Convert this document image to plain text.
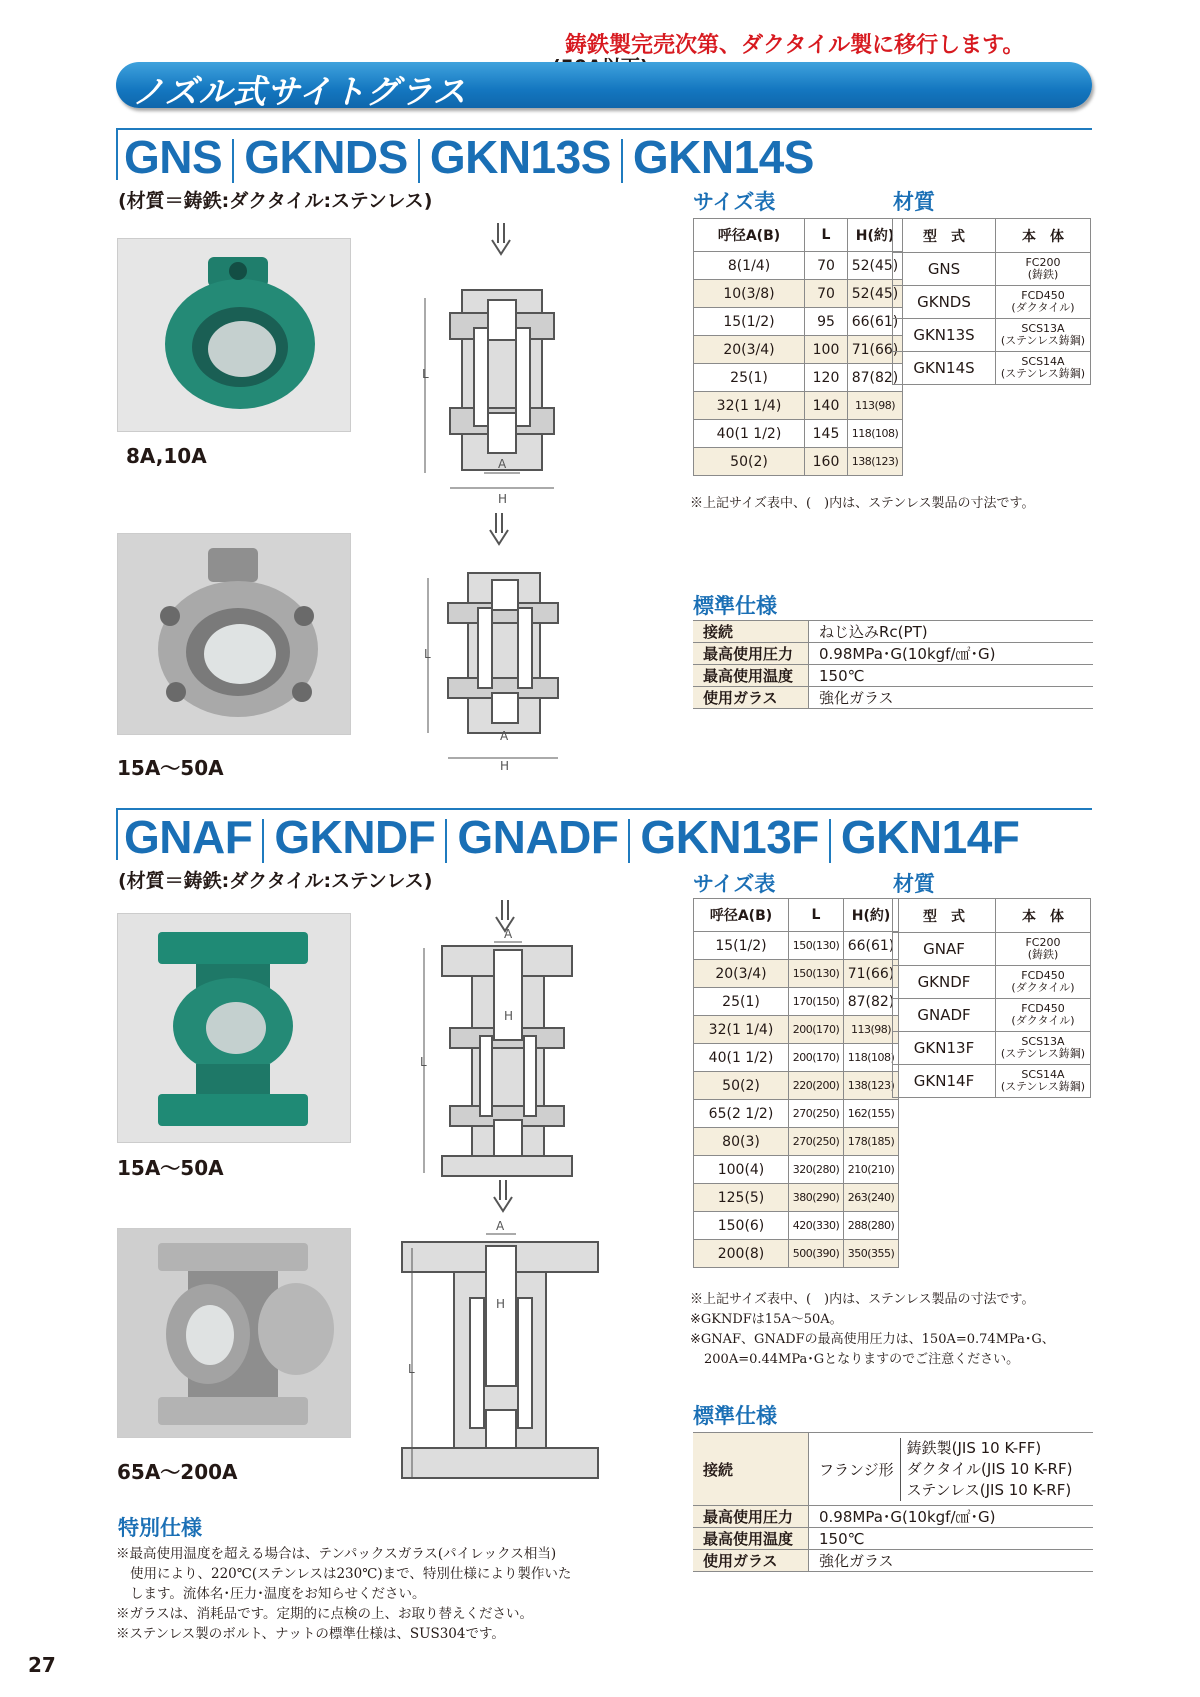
鋳鉄製完売次第、ダクタイル製に移行します。
ノズル式サイトグラス
GNS GKNDS GKN13S GKN14S
(材質＝鋳鉄:ダクタイル:ステンレス)
8A,10A
15A～50A
L
A
H
L
A
H
サイズ表
呼径A(B)	L	H(約)
8(1/4)	70	52(45)
10(3/8)	70	52(45)
15(1/2)	95	66(61)
20(3/4)	100	71(66)
25(1)	120	87(82)
32(1 1/4)	140	113(98)
40(1 1/2)	145	118(108)
50(2)	160	138(123)
※上記サイズ表中、(　)内は、ステンレス製品の寸法です。
材質
型　式	本　体
GNS	FC200
(鋳鉄)

GKNDS	FCD450
(ダクタイル)

GKN13S	SCS13A
(ステンレス鋳鋼)

GKN14S	SCS14A
(ステンレス鋳鋼)
標準仕様
接続	ねじ込みRc(PT)
最高使用圧力	0.98MPa･G(10kgf/㎠･G)
最高使用温度	150℃
使用ガラス	強化ガラス
GNAF GKNDF GNADF GKN13F GKN14F
(材質＝鋳鉄:ダクタイル:ステンレス)
15A～50A
65A～200A
L
A
H
L
A
H
サイズ表
呼径A(B)	L	H(約)
15(1/2)	150(130)	66(61)
20(3/4)	150(130)	71(66)
25(1)	170(150)	87(82)
32(1 1/4)	200(170)	113(98)
40(1 1/2)	200(170)	118(108)
50(2)	220(200)	138(123)
65(2 1/2)	270(250)	162(155)
80(3)	270(250)	178(185)
100(4)	320(280)	210(210)
125(5)	380(290)	263(240)
150(6)	420(330)	288(280)
200(8)	500(390)	350(355)
※上記サイズ表中、(　)内は、ステンレス製品の寸法です。
※GKNDFは15A～50A。
※GNAF、GNADFの最高使用圧力は、150A=0.74MPa･G、
200A=0.44MPa･Gとなりますのでご注意ください。
材質
型　式	本　体
GNAF	FC200
(鋳鉄)

GKNDF	FCD450
(ダクタイル)

GNADF	FCD450
(ダクタイル)

GKN13F	SCS13A
(ステンレス鋳鋼)

GKN14F	SCS14A
(ステンレス鋳鋼)
標準仕様
接続	フランジ形
鋳鉄製(JIS 10 K-FF)
ダクタイル(JIS 10 K-RF)
ステンレス(JIS 10 K-RF)

最高使用圧力	0.98MPa･G(10kgf/㎠･G)
最高使用温度	150℃
使用ガラス	強化ガラス
特別仕様
※最高使用温度を超える場合は、テンパックスガラス(パイレックス相当)
使用により、220℃(ステンレスは230℃)まで、特別仕様により製作いた
します。流体名･圧力･温度をお知らせください。
※ガラスは、消耗品です。定期的に点検の上、お取り替えください。
※ステンレス製のボルト、ナットの標準仕様は、SUS304です。
27
